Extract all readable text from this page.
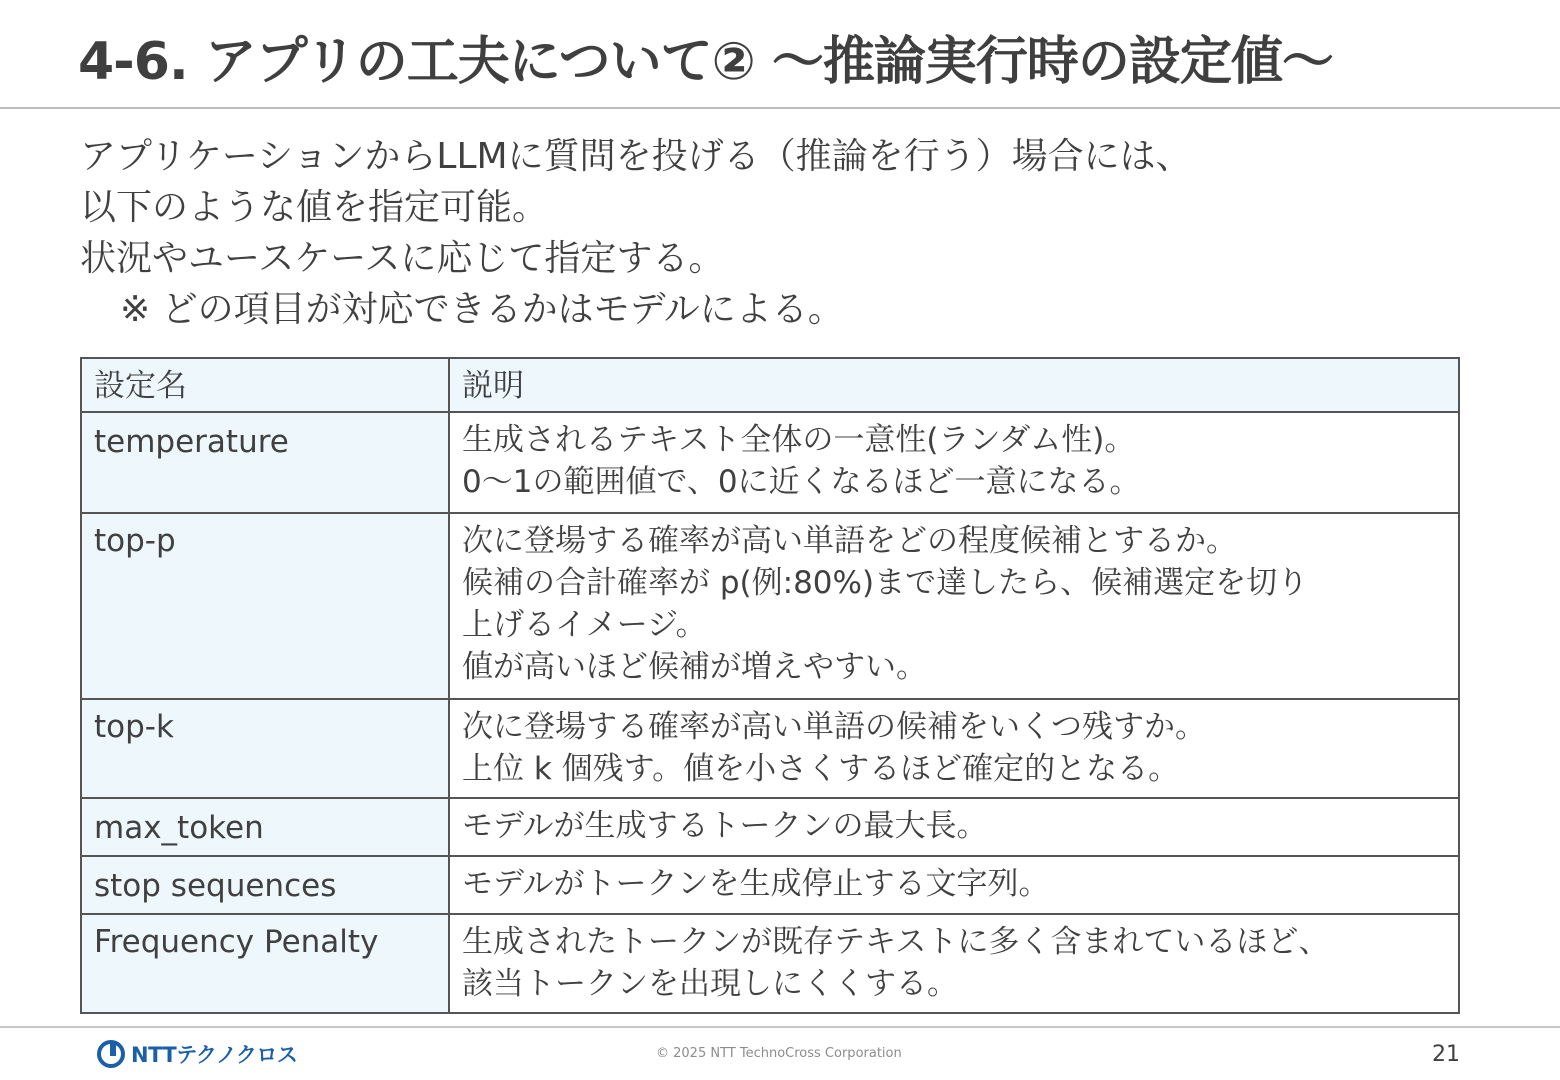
4-6. アプリの工夫について② ～推論実行時の設定値～
アプリケーションからLLMに質問を投げる（推論を行う）場合には、
以下のような値を指定可能。
状況やユースケースに応じて指定する。
※ どの項目が対応できるかはモデルによる。
設定名	説明
temperature	生成されるテキスト全体の一意性(ランダム性)。
0～1の範囲値で、0に近くなるほど一意になる。

top-p	次に登場する確率が高い単語をどの程度候補とするか。
候補の合計確率が p(例:80%)まで達したら、候補選定を切り
上げるイメージ。
値が高いほど候補が増えやすい。

top-k	次に登場する確率が高い単語の候補をいくつ残すか。
上位 k 個残す。値を小さくするほど確定的となる。

max_token	モデルが生成するトークンの最大長。

stop sequences	モデルがトークンを生成停止する文字列。

Frequency Penalty	生成されたトークンが既存テキストに多く含まれているほど、
該当トークンを出現しにくくする。
NTTテクノクロス	© 2025 NTT TechnoCross Corporation	21
